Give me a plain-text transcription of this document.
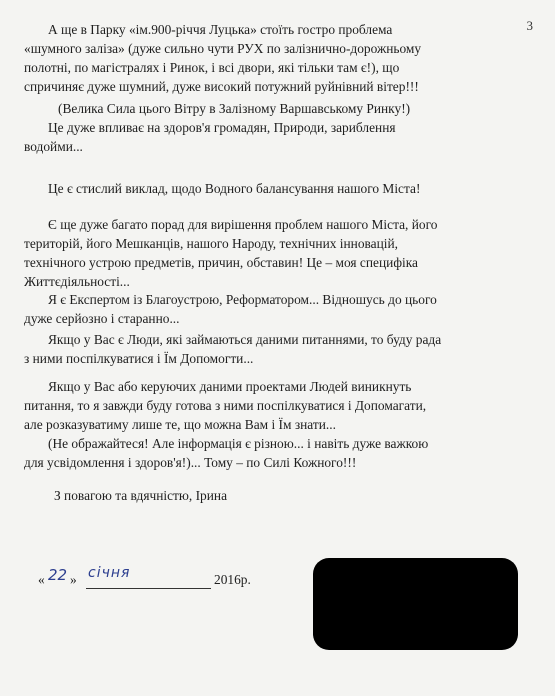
3
А ще в Парку «ім.900-річчя Луцька» стоїть гостро проблема
«шумного заліза» (дуже сильно чути РУХ по залізнично-дорожньому
полотні, по магістралях і Ринок, і всі двори, які тільки там є!), що
спричиняє дуже шумний, дуже високий потужний руйнівний вітер!!!
(Велика Сила цього Вітру в Залізному Варшавському Ринку!)
Це дуже впливає на здоров'я громадян, Природи, зариблення
водойми...
Це є стислий виклад, щодо Водного балансування нашого Міста!
Є ще дуже багато порад для вирішення проблем нашого Міста, його
територій, його Мешканців, нашого Народу, технічних інновацій,
технічного устрою предметів, причин, обставин! Це – моя специфіка
Життєдіяльності...
Я є Експертом із Благоустрою, Реформатором... Відношусь до цього
дуже серйозно і старанно...
Якщо у Вас є Люди, які займаються даними питаннями, то буду рада
з ними поспілкуватися і Їм Допомогти...
Якщо у Вас або керуючих даними проектами Людей виникнуть
питання, то я завжди буду готова з ними поспілкуватися і Допомагати,
але розказуватиму лише те, що можна Вам і Їм знати...
(Не ображайтеся! Але інформація є різною... і навіть дуже важкою
для усвідомлення і здоров'я!)... Тому – по Силі Кожного!!!
З повагою та вдячністю, Ірина
« 22 » січня	2016р.
